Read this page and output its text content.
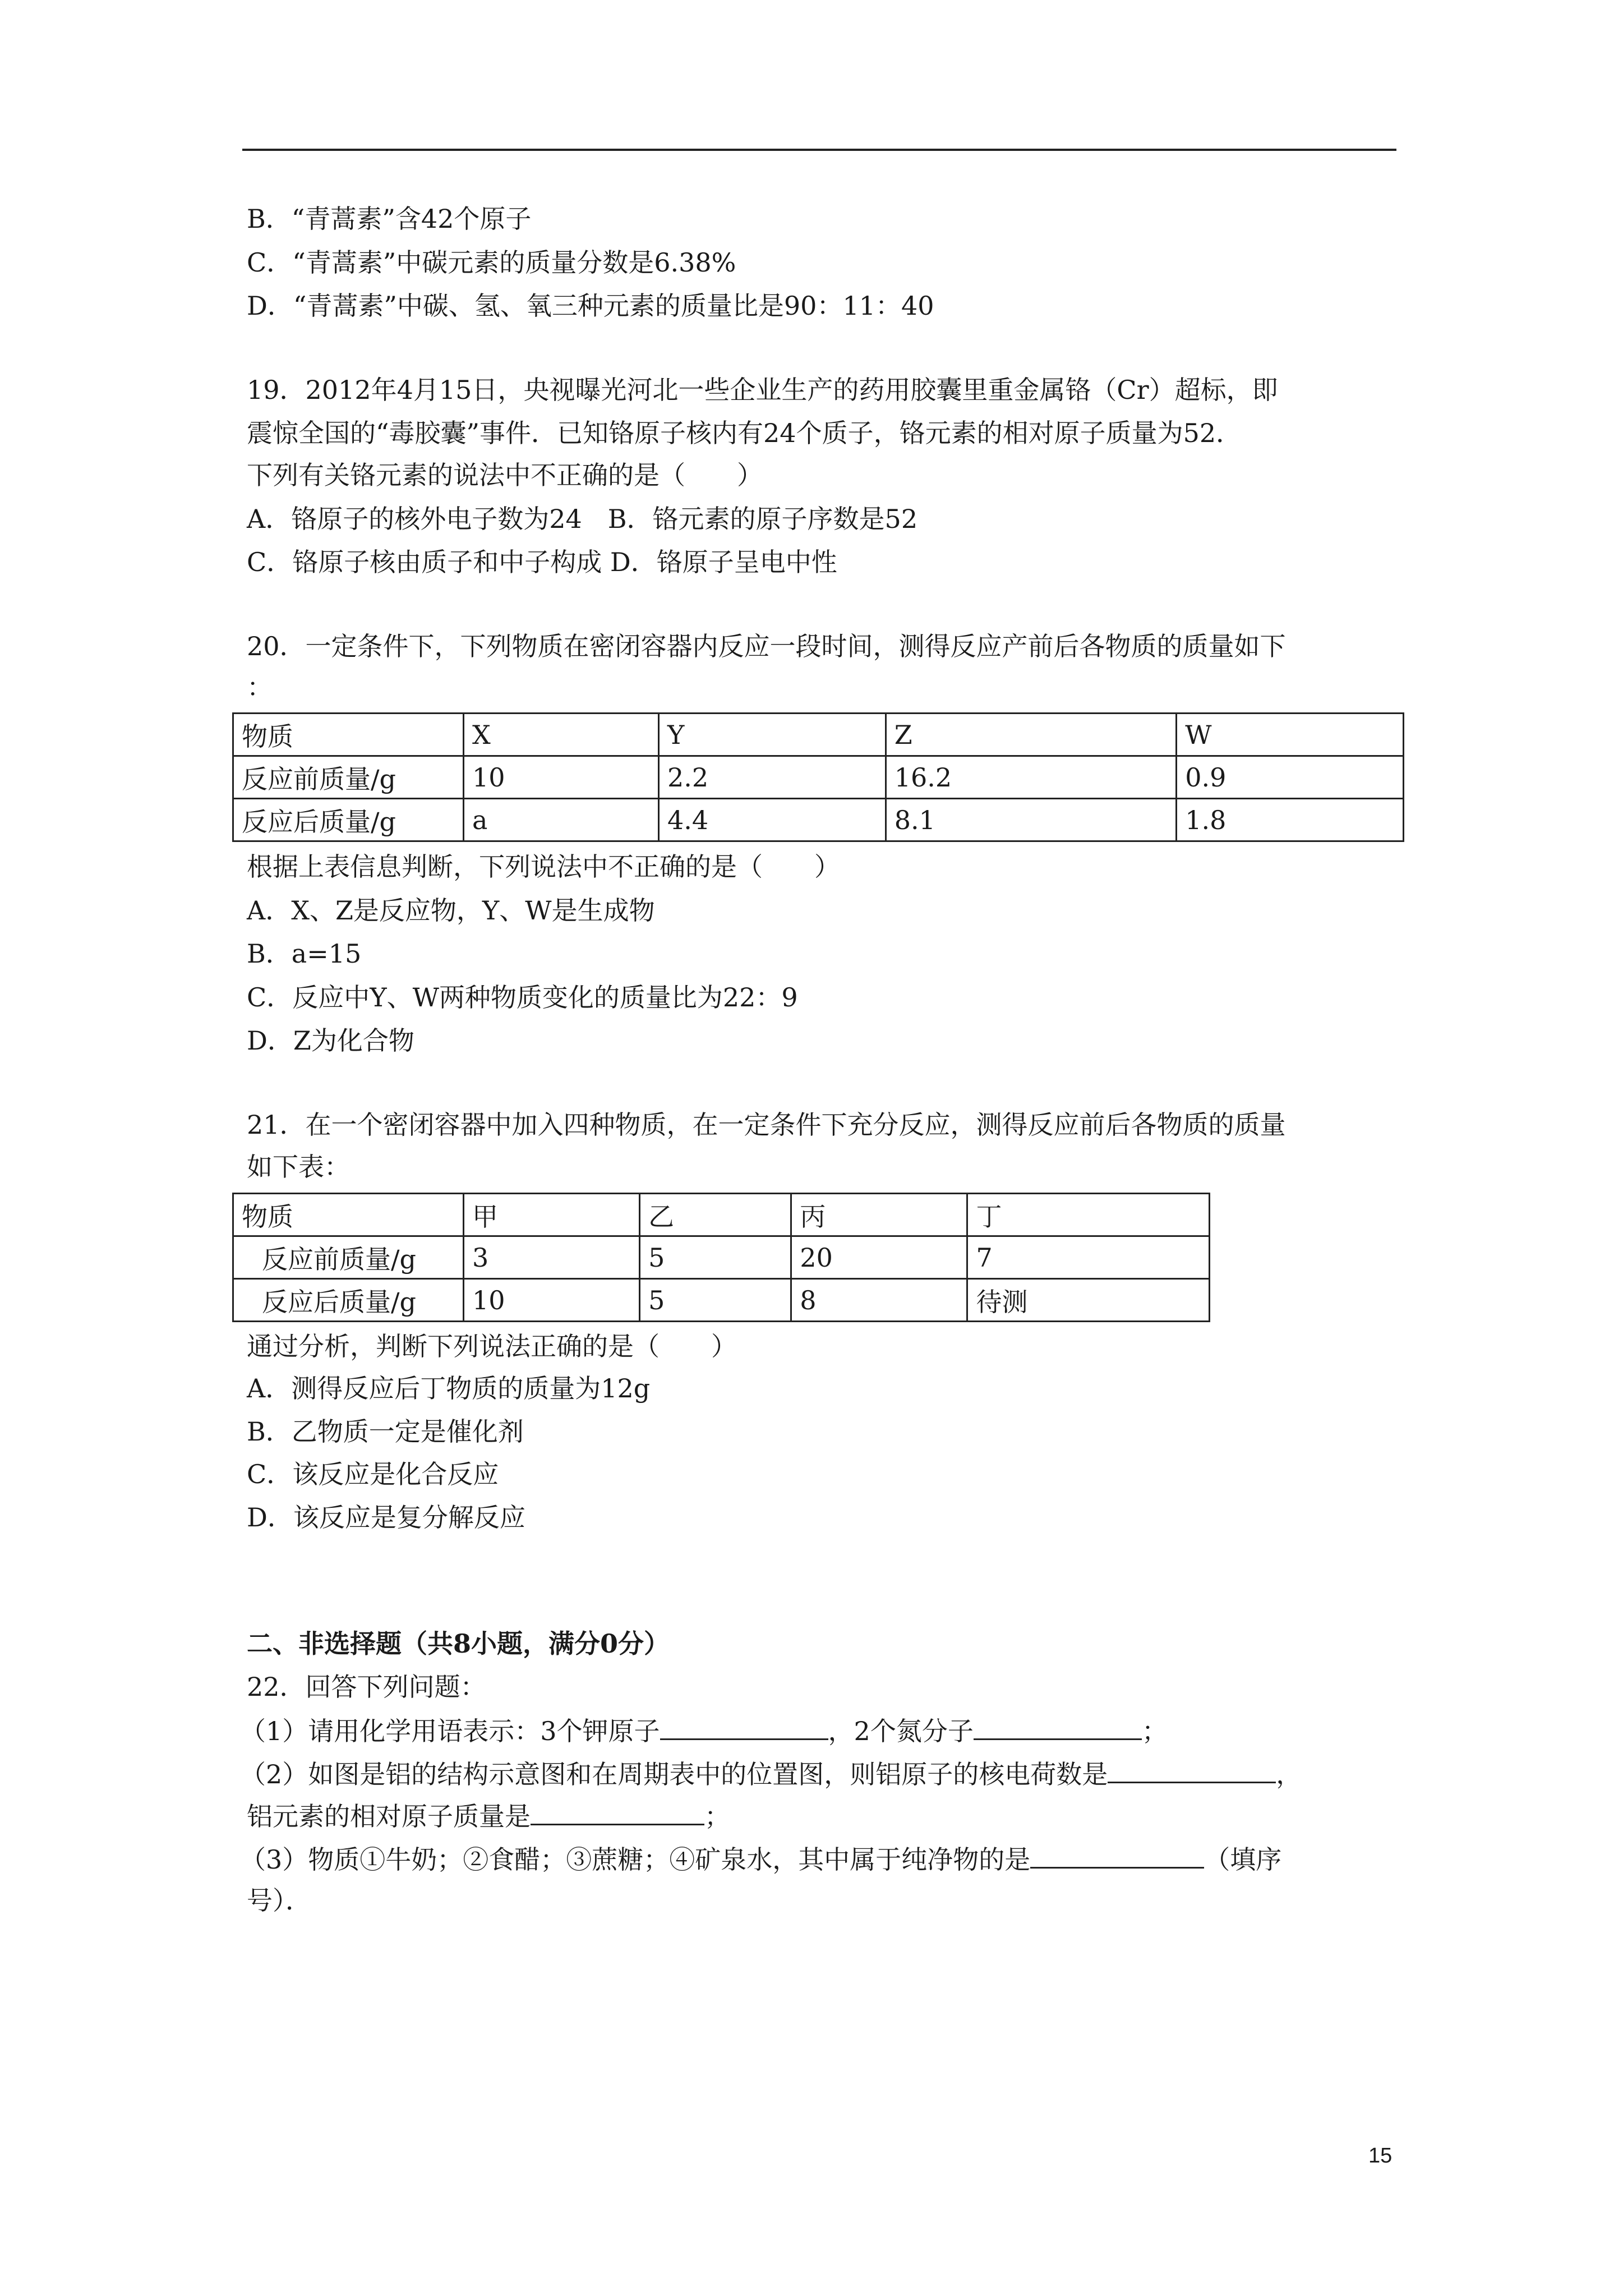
B．“青蒿素”含42个原子
C．“青蒿素”中碳元素的质量分数是6.38%
D．“青蒿素”中碳、氢、氧三种元素的质量比是90：11：40
19．2012年4月15日，央视曝光河北一些企业生产的药用胶囊里重金属铬（Cr）超标，即
震惊全国的“毒胶囊”事件．已知铬原子核内有24个质子，铬元素的相对原子质量为52．
下列有关铬元素的说法中不正确的是（　　）
A．铬原子的核外电子数为24　B．铬元素的原子序数是52
C．铬原子核由质子和中子构成 D．铬原子呈电中性
20．一定条件下，下列物质在密闭容器内反应一段时间，测得反应产前后各物质的质量如下
：
物质	X	Y	Z	W
反应前质量/g	10	2.2	16.2	0.9
反应后质量/g	a	4.4	8.1	1.8
根据上表信息判断，下列说法中不正确的是（　　）
A．X、Z是反应物，Y、W是生成物
B．a=15
C．反应中Y、W两种物质变化的质量比为22：9
D．Z为化合物
21．在一个密闭容器中加入四种物质，在一定条件下充分反应，测得反应前后各物质的质量
如下表：
物质	甲	乙	丙	丁
反应前质量/g	3	5	20	7
反应后质量/g	10	5	8	待测
通过分析，判断下列说法正确的是（　　）
A．测得反应后丁物质的质量为12g
B．乙物质一定是催化剂
C．该反应是化合反应
D．该反应是复分解反应
二、非选择题（共8小题，满分0分）
22．回答下列问题：
（1）请用化学用语表示：3个钾原子	，2个氮分子	；
（2）如图是铝的结构示意图和在周期表中的位置图，则铝原子的核电荷数是	，
铝元素的相对原子质量是	；
（3）物质①牛奶；②食醋；③蔗糖；④矿泉水，其中属于纯净物的是	（填序
号）．
15
